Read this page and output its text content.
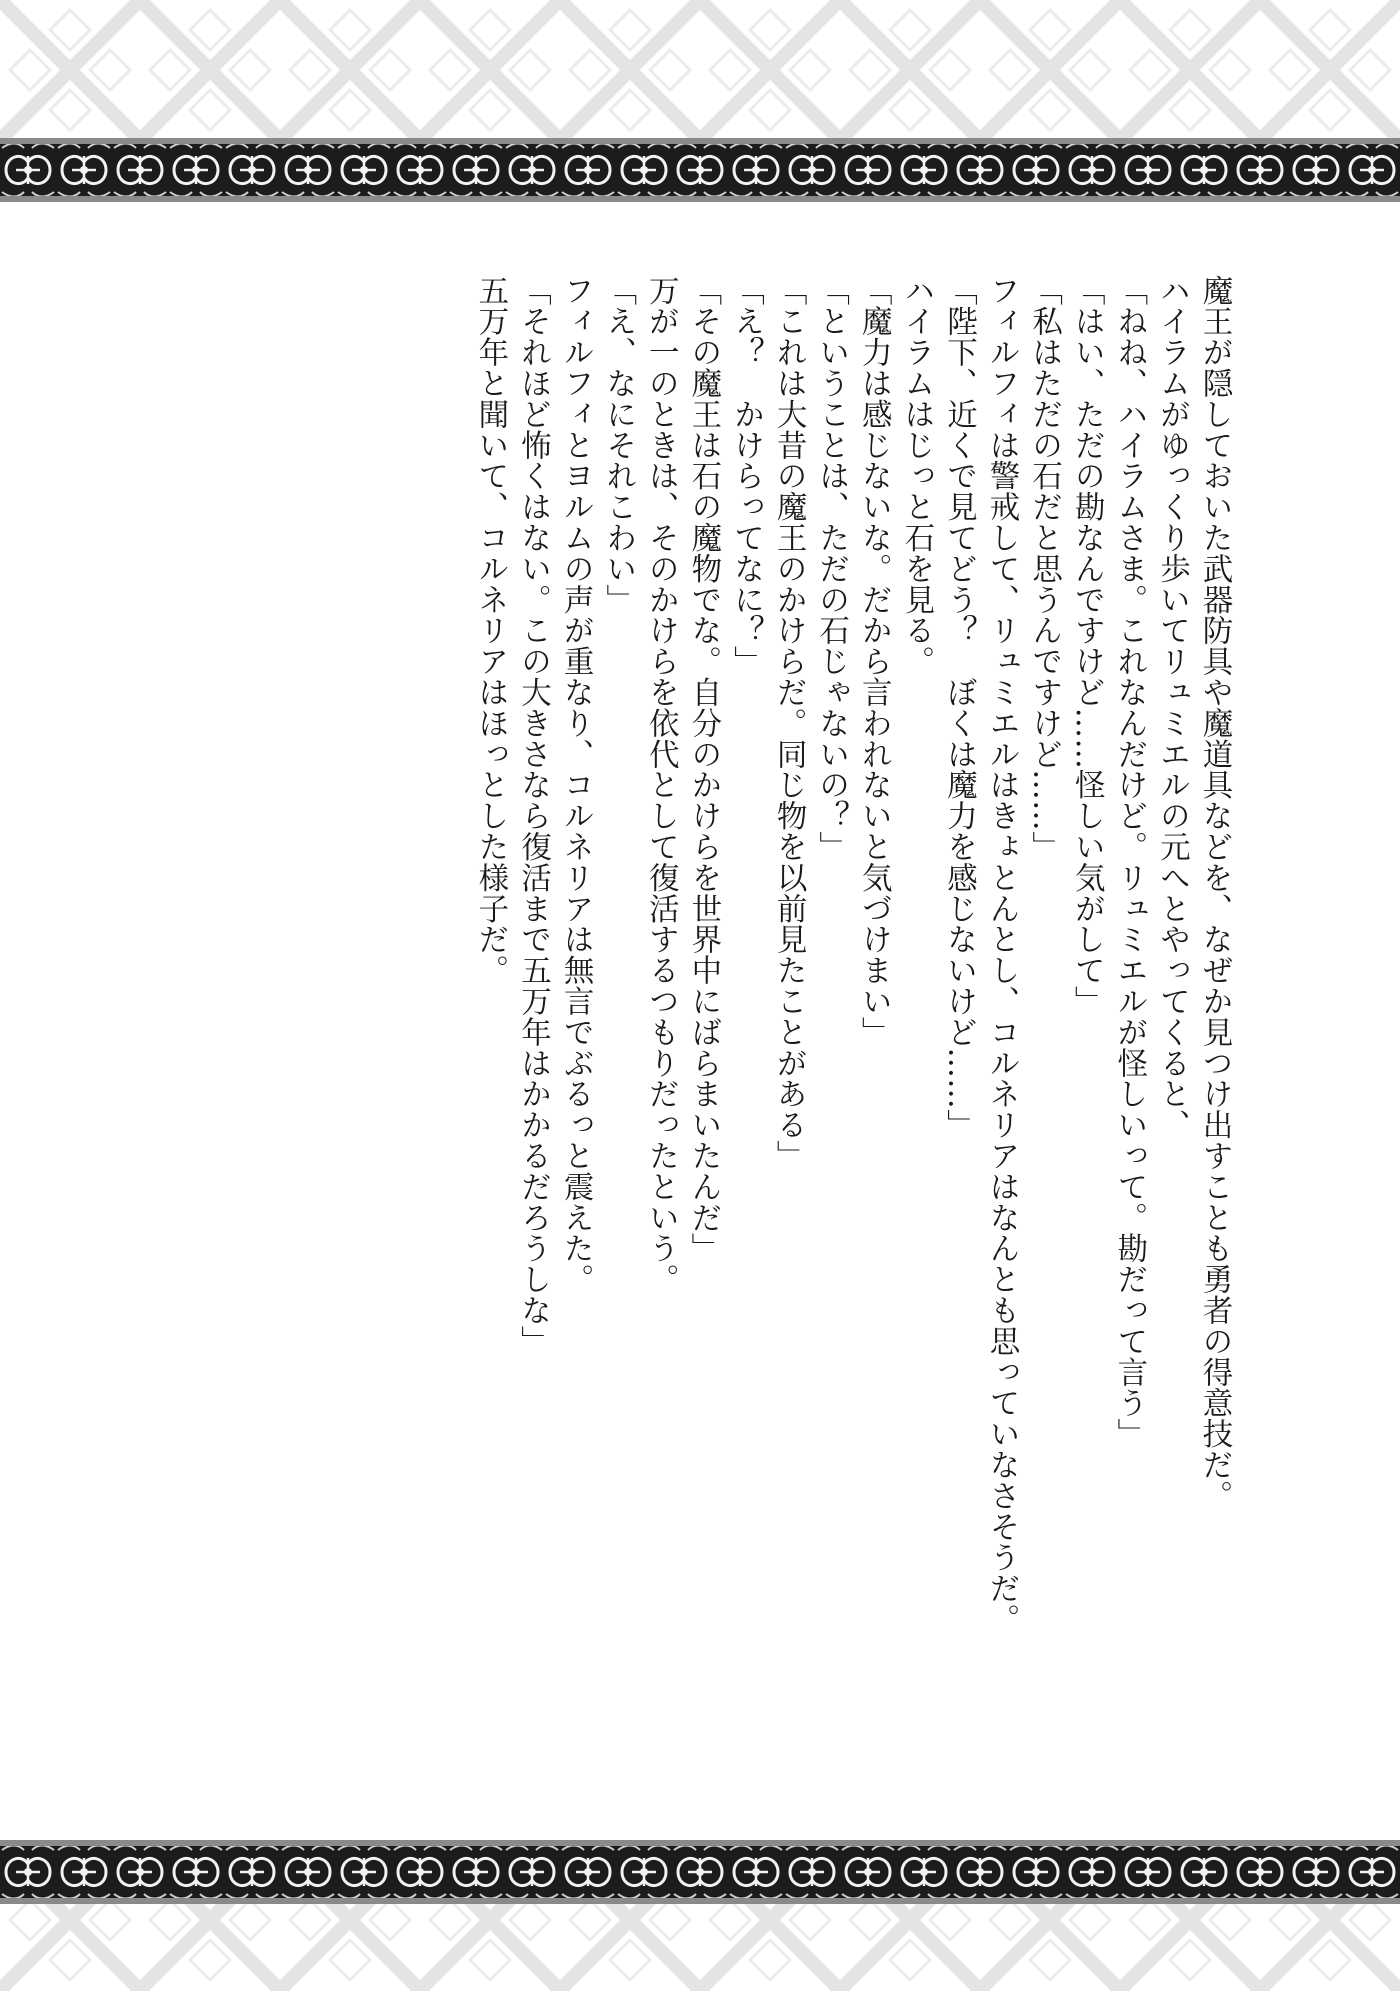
魔王が隠しておいた武器防具や魔道具などを、なぜか見つけ出すことも勇者の得意技だ。

ハイラムがゆっくり歩いてリュミエルの元へとやってくると、

「ねね、ハイラムさま。これなんだけど。リュミエルが怪しいって。勘だって言う」

「はい、ただの勘なんですけど……怪しい気がして」

「私はただの石だと思うんですけど……」

フィルフィは警戒して、リュミエルはきょとんとし、コルネリアはなんとも思っていなさそうだ。

「陛下、近くで見てどう？　ぼくは魔力を感じないけど……」

ハイラムはじっと石を見る。

「魔力は感じないな。だから言われないと気づけまい」

「ということは、ただの石じゃないの？」

「これは大昔の魔王のかけらだ。同じ物を以前見たことがある」

「え？　かけらってなに？」

「その魔王は石の魔物でな。自分のかけらを世界中にばらまいたんだ」

万が一のときは、そのかけらを依代として復活するつもりだったという。

「え、なにそれこわい」

フィルフィとヨルムの声が重なり、コルネリアは無言でぶるっと震えた。

「それほど怖くはない。この大きさなら復活まで五万年はかかるだろうしな」

五万年と聞いて、コルネリアはほっとした様子だ。
